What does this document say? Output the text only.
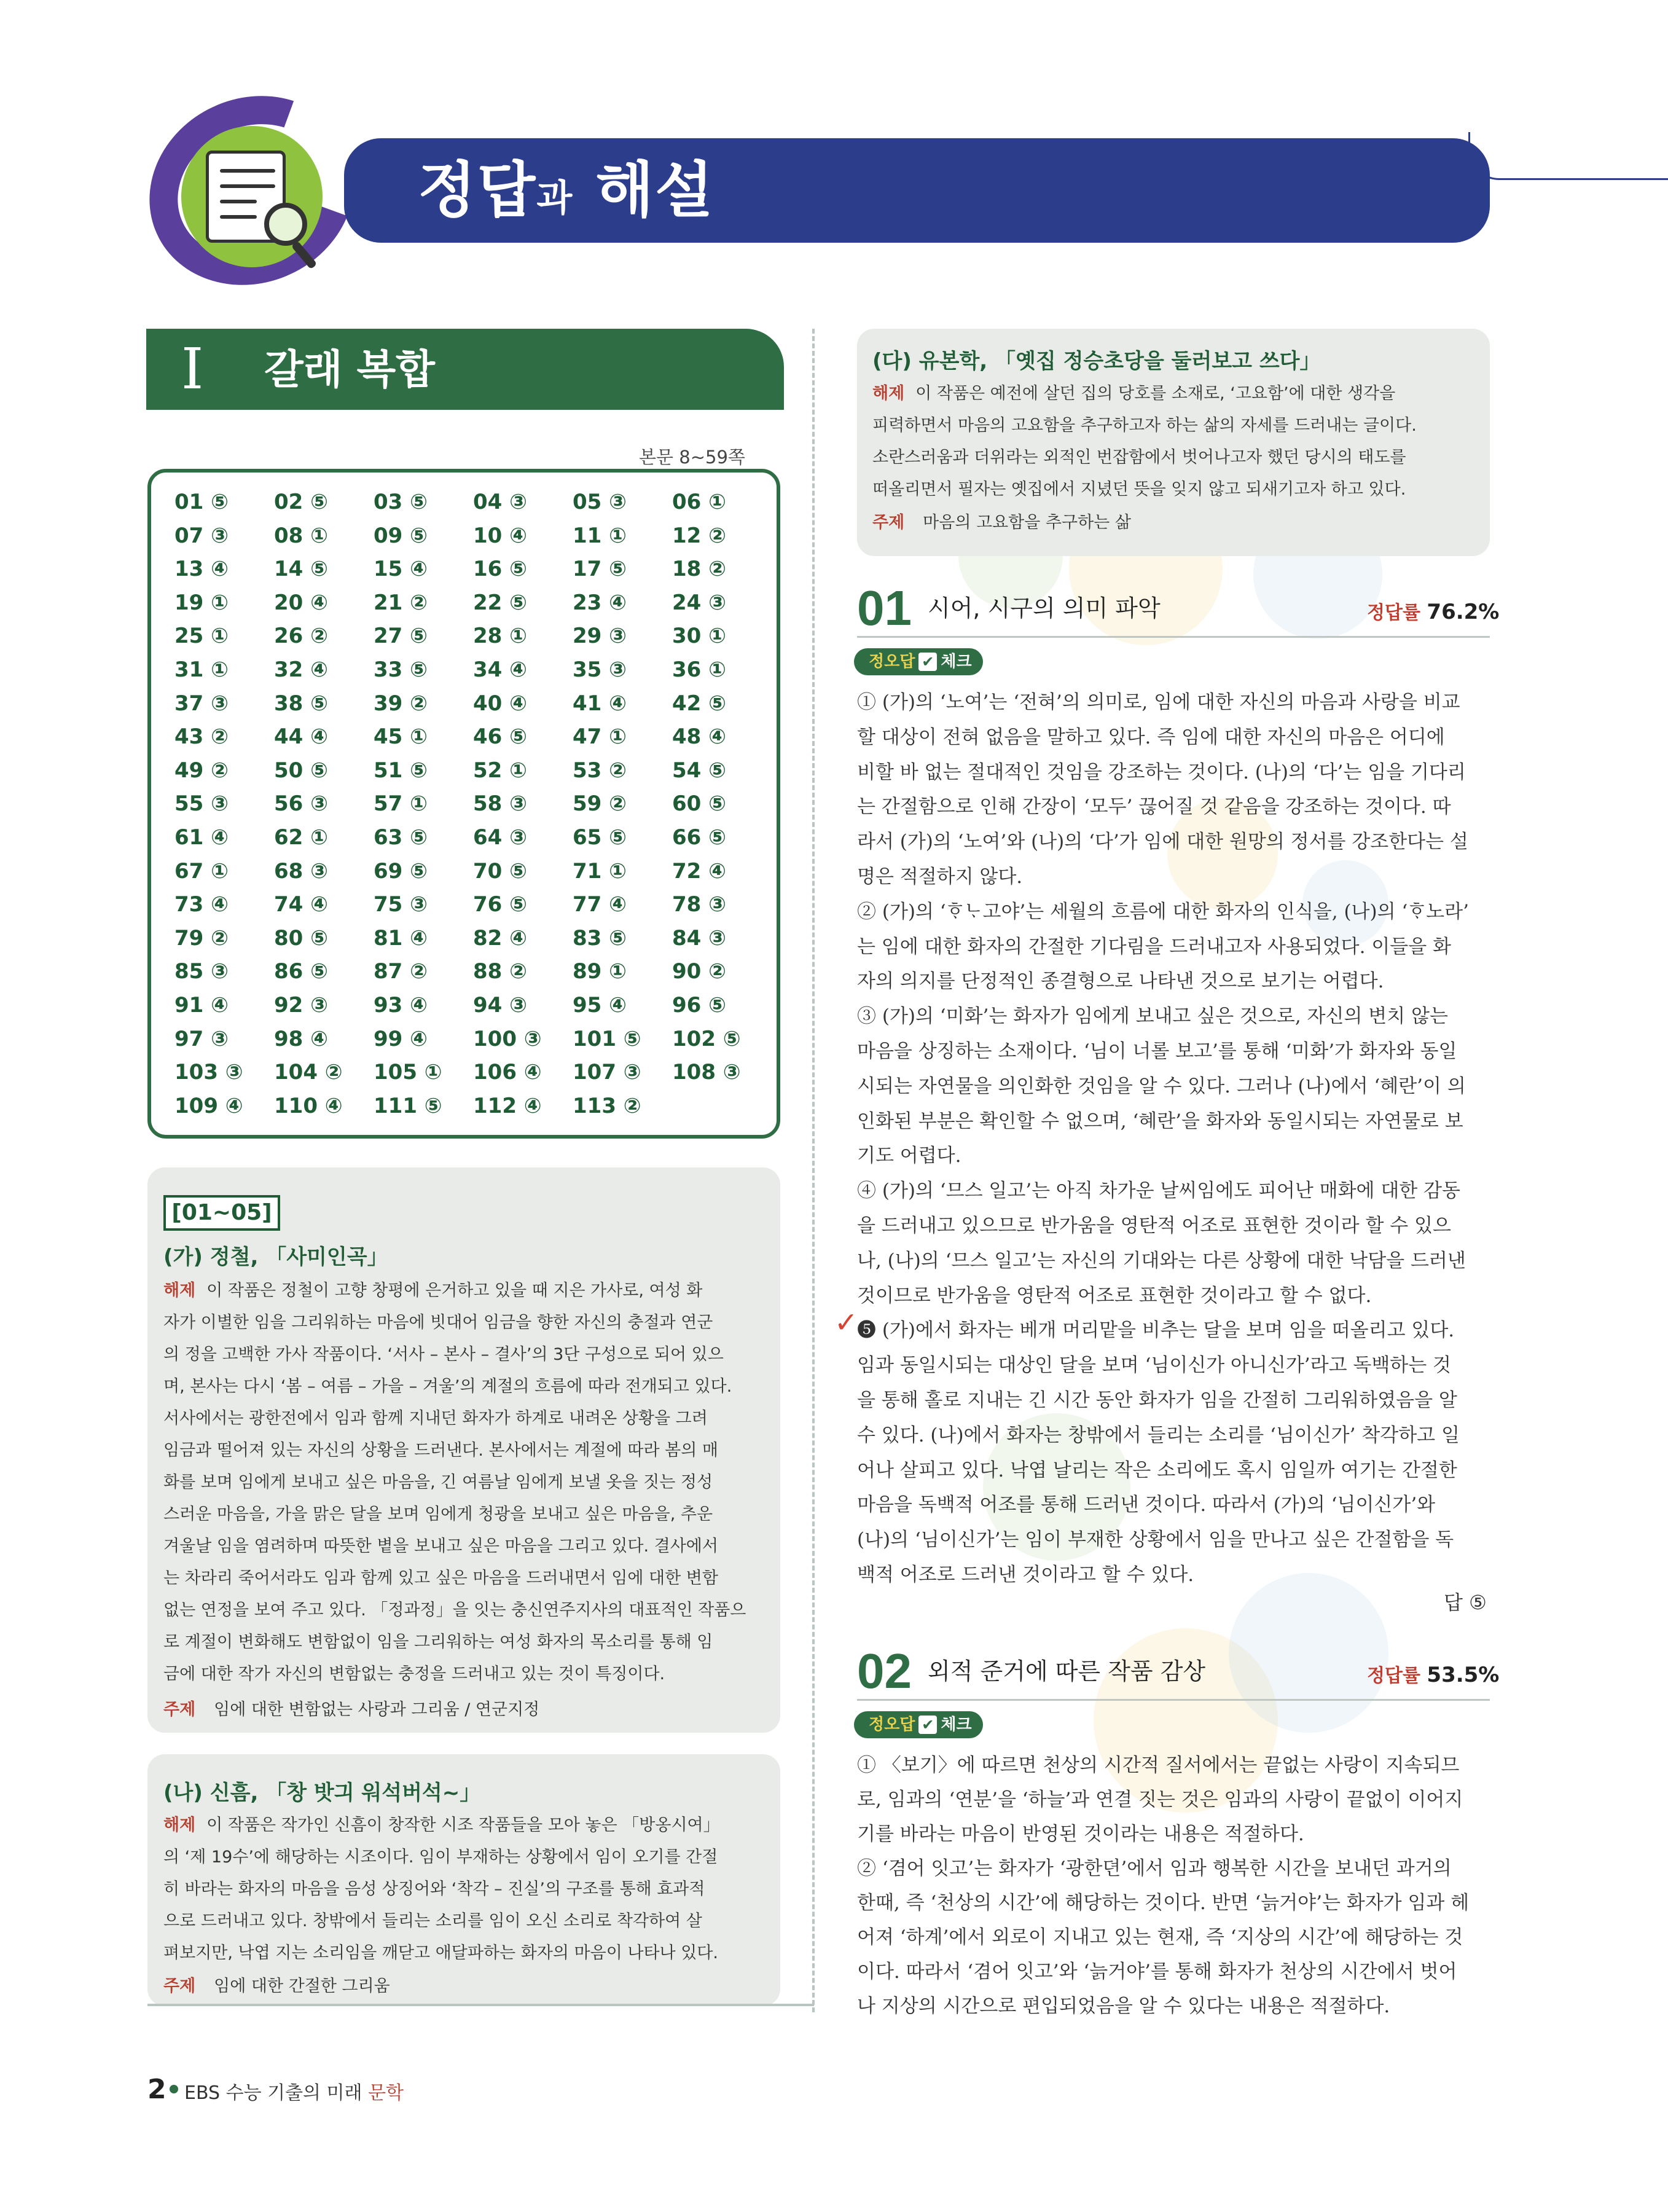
정답과 해설
I 갈래 복합
본문 8~59쪽
01 ⑤ 02 ⑤ 03 ⑤ 04 ③ 05 ③ 06 ①
07 ③ 08 ① 09 ⑤ 10 ④ 11 ① 12 ②
13 ④ 14 ⑤ 15 ④ 16 ⑤ 17 ⑤ 18 ②
19 ① 20 ④ 21 ② 22 ⑤ 23 ④ 24 ③
25 ① 26 ② 27 ⑤ 28 ① 29 ③ 30 ①
31 ① 32 ④ 33 ⑤ 34 ④ 35 ③ 36 ①
37 ③ 38 ⑤ 39 ② 40 ④ 41 ④ 42 ⑤
43 ② 44 ④ 45 ① 46 ⑤ 47 ① 48 ④
49 ② 50 ⑤ 51 ⑤ 52 ① 53 ② 54 ⑤
55 ③ 56 ③ 57 ① 58 ③ 59 ② 60 ⑤
61 ④ 62 ① 63 ⑤ 64 ③ 65 ⑤ 66 ⑤
67 ① 68 ③ 69 ⑤ 70 ⑤ 71 ① 72 ④
73 ④ 74 ④ 75 ③ 76 ⑤ 77 ④ 78 ③
79 ② 80 ⑤ 81 ④ 82 ④ 83 ⑤ 84 ③
85 ③ 86 ⑤ 87 ② 88 ② 89 ① 90 ②
91 ④ 92 ③ 93 ④ 94 ③ 95 ④ 96 ⑤
97 ③ 98 ④ 99 ④ 100 ③ 101 ⑤ 102 ⑤
103 ③ 104 ② 105 ① 106 ④ 107 ③ 108 ③
109 ④ 110 ④ 111 ⑤ 112 ④ 113 ②
[01~05]
(가) 정철, 「사미인곡」
해제 이 작품은 정철이 고향 창평에 은거하고 있을 때 지은 가사로, 여성 화
자가 이별한 임을 그리워하는 마음에 빗대어 임금을 향한 자신의 충절과 연군
의 정을 고백한 가사 작품이다. ‘서사 – 본사 – 결사’의 3단 구성으로 되어 있으
며, 본사는 다시 ‘봄 – 여름 – 가을 – 겨울’의 계절의 흐름에 따라 전개되고 있다.
서사에서는 광한전에서 임과 함께 지내던 화자가 하계로 내려온 상황을 그려
임금과 떨어져 있는 자신의 상황을 드러낸다. 본사에서는 계절에 따라 봄의 매
화를 보며 임에게 보내고 싶은 마음을, 긴 여름날 임에게 보낼 옷을 짓는 정성
스러운 마음을, 가을 맑은 달을 보며 임에게 청광을 보내고 싶은 마음을, 추운
겨울날 임을 염려하며 따뜻한 볕을 보내고 싶은 마음을 그리고 있다. 결사에서
는 차라리 죽어서라도 임과 함께 있고 싶은 마음을 드러내면서 임에 대한 변함
없는 연정을 보여 주고 있다. 「정과정」을 잇는 충신연주지사의 대표적인 작품으
로 계절이 변화해도 변함없이 임을 그리워하는 여성 화자의 목소리를 통해 임
금에 대한 작가 자신의 변함없는 충정을 드러내고 있는 것이 특징이다.
주제 임에 대한 변함없는 사랑과 그리움 / 연군지정
(나) 신흠, 「창 밧긔 워석버석~」
해제 이 작품은 작가인 신흠이 창작한 시조 작품들을 모아 놓은 「방옹시여」
의 ‘제 19수’에 해당하는 시조이다. 임이 부재하는 상황에서 임이 오기를 간절
히 바라는 화자의 마음을 음성 상징어와 ‘착각 – 진실’의 구조를 통해 효과적
으로 드러내고 있다. 창밖에서 들리는 소리를 임이 오신 소리로 착각하여 살
펴보지만, 낙엽 지는 소리임을 깨닫고 애달파하는 화자의 마음이 나타나 있다.
주제 임에 대한 간절한 그리움
(다) 유본학, 「옛집 정승초당을 둘러보고 쓰다」
해제 이 작품은 예전에 살던 집의 당호를 소재로, ‘고요함’에 대한 생각을
피력하면서 마음의 고요함을 추구하고자 하는 삶의 자세를 드러내는 글이다.
소란스러움과 더위라는 외적인 번잡함에서 벗어나고자 했던 당시의 태도를
떠올리면서 필자는 옛집에서 지녔던 뜻을 잊지 않고 되새기고자 하고 있다.
주제 마음의 고요함을 추구하는 삶
01 시어, 시구의 의미 파악	정답률 76.2%
정오답 ✔ 체크

① (가)의 ‘노여’는 ‘전혀’의 의미로, 임에 대한 자신의 마음과 사랑을 비교

할 대상이 전혀 없음을 말하고 있다. 즉 임에 대한 자신의 마음은 어디에

비할 바 없는 절대적인 것임을 강조하는 것이다. (나)의 ‘다’는 임을 기다리

는 간절함으로 인해 간장이 ‘모두’ 끊어질 것 같음을 강조하는 것이다. 따

라서 (가)의 ‘노여’와 (나)의 ‘다’가 임에 대한 원망의 정서를 강조한다는 설

명은 적절하지 않다.

② (가)의 ‘ᄒᆞᄂᆞ고야’는 세월의 흐름에 대한 화자의 인식을, (나)의 ‘ᄒᆞ노라’

는 임에 대한 화자의 간절한 기다림을 드러내고자 사용되었다. 이들을 화

자의 의지를 단정적인 종결형으로 나타낸 것으로 보기는 어렵다.

③ (가)의 ‘미화’는 화자가 임에게 보내고 싶은 것으로, 자신의 변치 않는

마음을 상징하는 소재이다. ‘님이 너롤 보고’를 통해 ‘미화’가 화자와 동일

시되는 자연물을 의인화한 것임을 알 수 있다. 그러나 (나)에서 ‘혜란’이 의

인화된 부분은 확인할 수 없으며, ‘혜란’을 화자와 동일시되는 자연물로 보

기도 어렵다.

④ (가)의 ‘므스 일고’는 아직 차가운 날씨임에도 피어난 매화에 대한 감동

을 드러내고 있으므로 반가움을 영탄적 어조로 표현한 것이라 할 수 있으

나, (나)의 ‘므스 일고’는 자신의 기대와는 다른 상황에 대한 낙담을 드러낸

것이므로 반가움을 영탄적 어조로 표현한 것이라고 할 수 없다.

❺ (가)에서 화자는 베개 머리맡을 비추는 달을 보며 임을 떠올리고 있다.

임과 동일시되는 대상인 달을 보며 ‘님이신가 아니신가’라고 독백하는 것

을 통해 홀로 지내는 긴 시간 동안 화자가 임을 간절히 그리워하였음을 알

수 있다. (나)에서 화자는 창밖에서 들리는 소리를 ‘님이신가’ 착각하고 일

어나 살피고 있다. 낙엽 날리는 작은 소리에도 혹시 임일까 여기는 간절한

마음을 독백적 어조를 통해 드러낸 것이다. 따라서 (가)의 ‘님이신가’와

(나)의 ‘님이신가’는 임이 부재한 상황에서 임을 만나고 싶은 간절함을 독

백적 어조로 드러낸 것이라고 할 수 있다.

✓
답 ⑤
02 외적 준거에 따른 작품 감상	정답률 53.5%
정오답 ✔ 체크

① 〈보기〉에 따르면 천상의 시간적 질서에서는 끝없는 사랑이 지속되므

로, 임과의 ‘연분’을 ‘하늘’과 연결 짓는 것은 임과의 사랑이 끝없이 이어지

기를 바라는 마음이 반영된 것이라는 내용은 적절하다.

② ‘겸어 잇고’는 화자가 ‘광한뎐’에서 임과 행복한 시간을 보내던 과거의

한때, 즉 ‘천상의 시간’에 해당하는 것이다. 반면 ‘늙거야’는 화자가 임과 헤

어져 ‘하계’에서 외로이 지내고 있는 현재, 즉 ‘지상의 시간’에 해당하는 것

이다. 따라서 ‘겸어 잇고’와 ‘늙거야’를 통해 화자가 천상의 시간에서 벗어

나 지상의 시간으로 편입되었음을 알 수 있다는 내용은 적절하다.

2 EBS 수능 기출의 미래 문학
